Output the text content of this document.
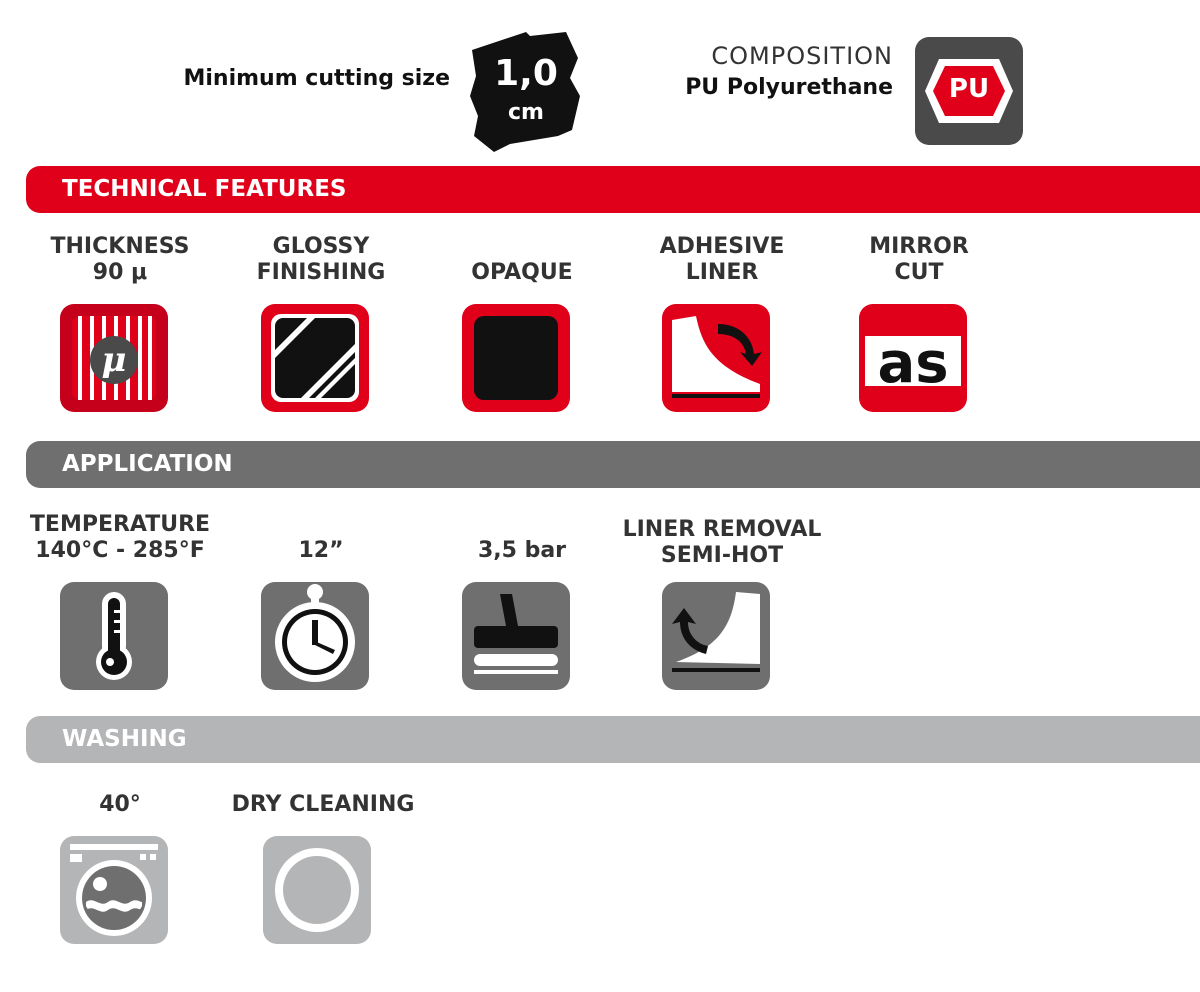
Minimum cutting size	1,0
cm
COMPOSITION
PU Polyurethane	PU
TECHNICAL FEATURES
THICKNESS
90 μ
μ
GLOSSY
FINISHING	OPAQUE
ADHESIVE
LINER
MIRROR
CUT
as
APPLICATION
TEMPERATURE
140°C - 285°F	12”	3,5 bar
LINER REMOVAL
SEMI-HOT
WASHING
40°	DRY CLEANING
